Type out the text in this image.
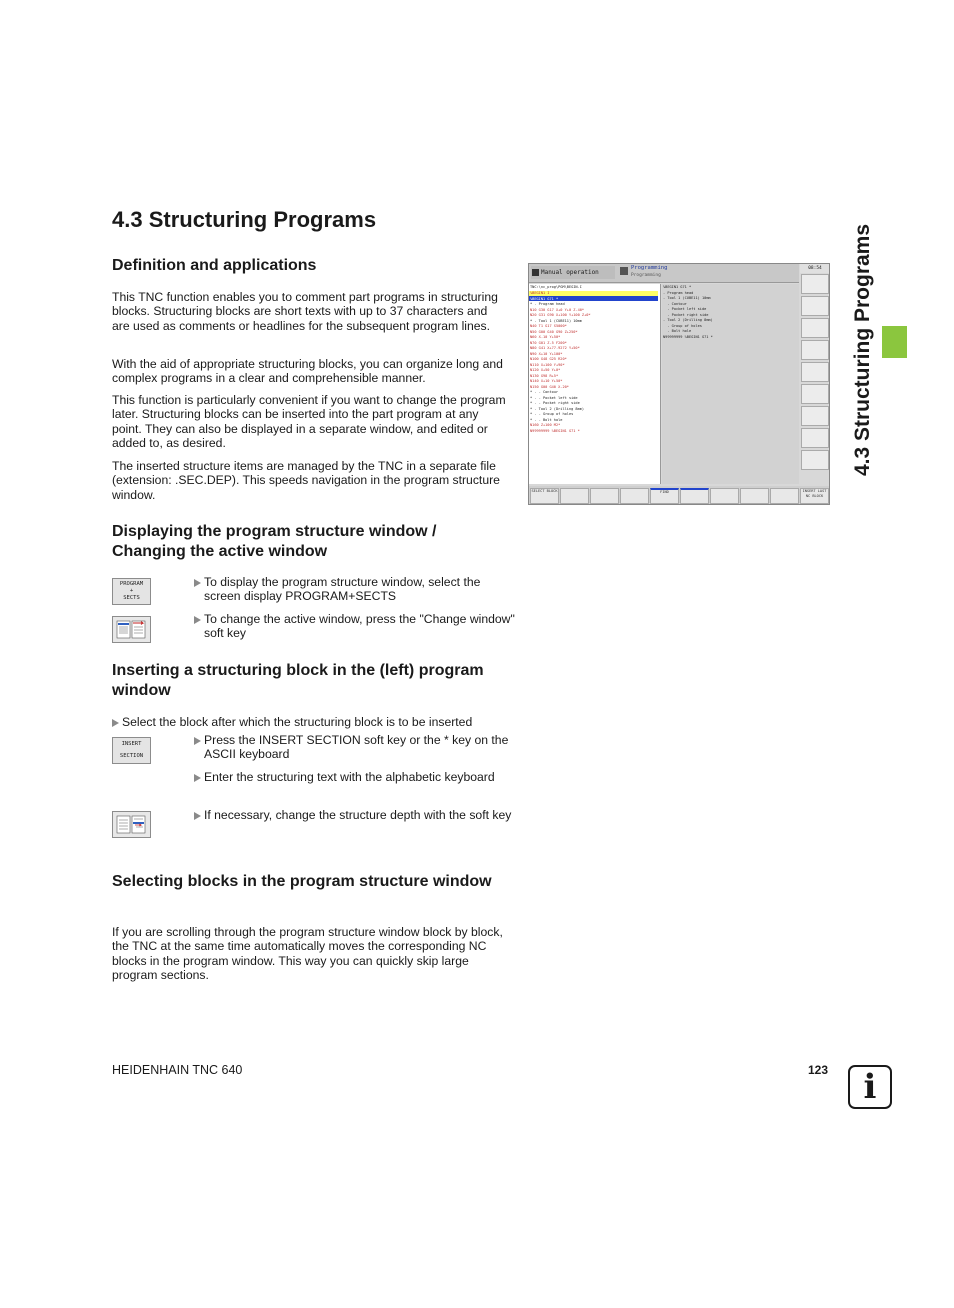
4.3 Structuring Programs
4.3 Structuring Programs
Definition and applications

This TNC function enables you to comment part programs in structuring blocks. Structuring blocks are short texts with up to 37 characters and are used as comments or headlines for the subsequent program lines.

With the aid of appropriate structuring blocks, you can organize long and complex programs in a clear and comprehensible manner.

This function is particularly convenient if you want to change the program later. Structuring blocks can be inserted into the part program at any point. They can also be displayed in a separate window, and edited or added to, as desired.

The inserted structure items are managed by the TNC in a separate file (extension: .SEC.DEP). This speeds navigation in the program structure window.

Displaying the program structure window / Changing the active window
PROGRAM
+
SECTS

To display the program structure window, select the screen display PROGRAM+SECTS

To change the active window, press the "Change window" soft key

Inserting a structuring block in the (left) program window

Select the block after which the structuring block is to be inserted

INSERT
SECTION

Press the INSERT SECTION soft key or the * key on the ASCII keyboard

Enter the structuring text with the alphabetic keyboard

If necessary, change the structure depth with the soft key

Selecting blocks in the program structure window

If you are scrolling through the program structure window block by block, the TNC at the same time automatically moves the corresponding NC blocks in the program window. This way you can quickly skip large program sections.

Manual operation
Programming
Programming
08:54
TNC:\nc_prog\PGM\BEGIN.I
%BEGIN1 I
%BEGIN1 G71 *
* - Program head
N10 G30 G17 X+0 Y+0 Z-40*
N20 G31 G90 X+100 Y+100 Z+0*
* - Tool 1 (CUBE11) 10mm
N40 T1 G17 S5000*
N50 G00 G40 G90 Z+250*
N60 X-10 Y+50*
N70 G01 Z-5 F200*
N80 G41 X+77.9272 Y+50*
N90 X+10 Y+100*
N100 G48 G25 R20*
N110 X+100 Y+90*
N120 X+50 Y+0*
N130 G98 R+5*
N140 X+10 Y+50*
N150 G00 G40 X-20*
* - - Contour
* - - Pocket left side
* - - Pocket right side
* - Tool 2 (Drilling 8mm)
* - - Group of holes
* - - Bolt hole
N160 Z+100 M2*
N99999999 %BEGIN1 G71 *
%BEGIN1 G71 *
- Program head
- Tool 1 (CUBE11) 10mm
- Contour
- Pocket left side
- Pocket right side
- Tool 2 (Drilling 8mm)
- Group of holes
- Bolt hole
N99999999 %BEGIN1 G71 *
SELECT BLOCK	FIND	INSERT LAST NC BLOCK
HEIDENHAIN TNC 640	123	i
